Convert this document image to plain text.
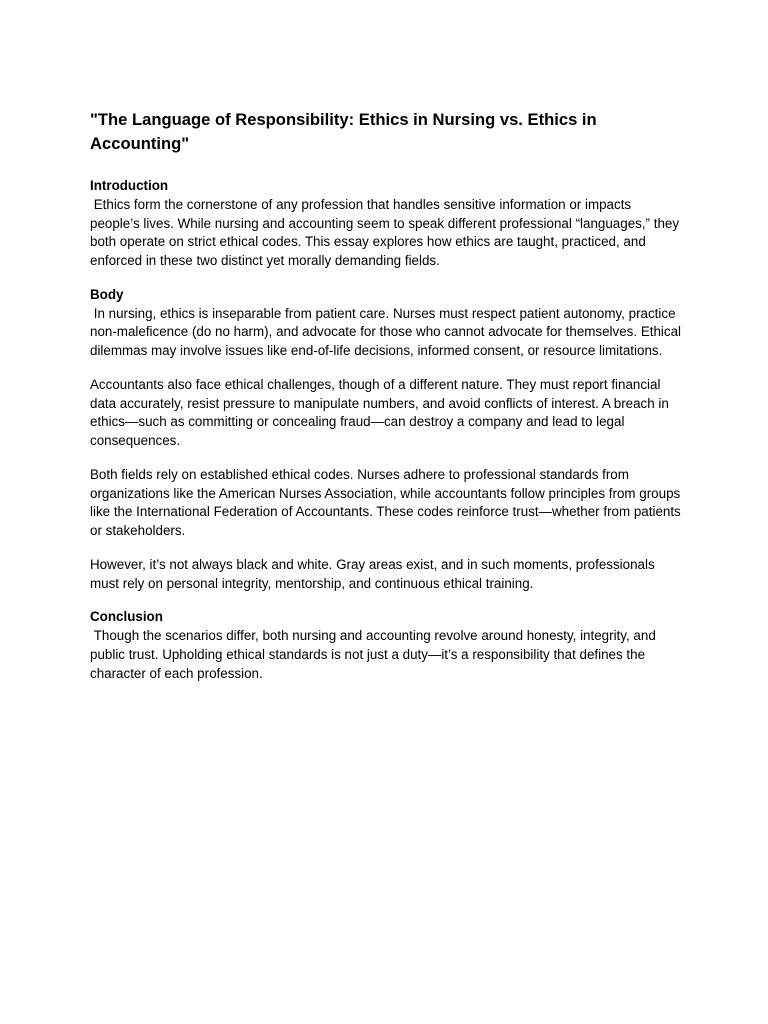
"The Language of Responsibility: Ethics in Nursing vs. Ethics in Accounting"

Introduction

Ethics form the cornerstone of any profession that handles sensitive information or impacts people’s lives. While nursing and accounting seem to speak different professional “languages,” they both operate on strict ethical codes. This essay explores how ethics are taught, practiced, and enforced in these two distinct yet morally demanding fields.

Body

In nursing, ethics is inseparable from patient care. Nurses must respect patient autonomy, practice non-maleficence (do no harm), and advocate for those who cannot advocate for themselves. Ethical dilemmas may involve issues like end-of-life decisions, informed consent, or resource limitations.

Accountants also face ethical challenges, though of a different nature. They must report financial data accurately, resist pressure to manipulate numbers, and avoid conflicts of interest. A breach in ethics—such as committing or concealing fraud—can destroy a company and lead to legal consequences.

Both fields rely on established ethical codes. Nurses adhere to professional standards from organizations like the American Nurses Association, while accountants follow principles from groups like the International Federation of Accountants. These codes reinforce trust—whether from patients or stakeholders.

However, it’s not always black and white. Gray areas exist, and in such moments, professionals must rely on personal integrity, mentorship, and continuous ethical training.

Conclusion

Though the scenarios differ, both nursing and accounting revolve around honesty, integrity, and public trust. Upholding ethical standards is not just a duty—it’s a responsibility that defines the character of each profession.
